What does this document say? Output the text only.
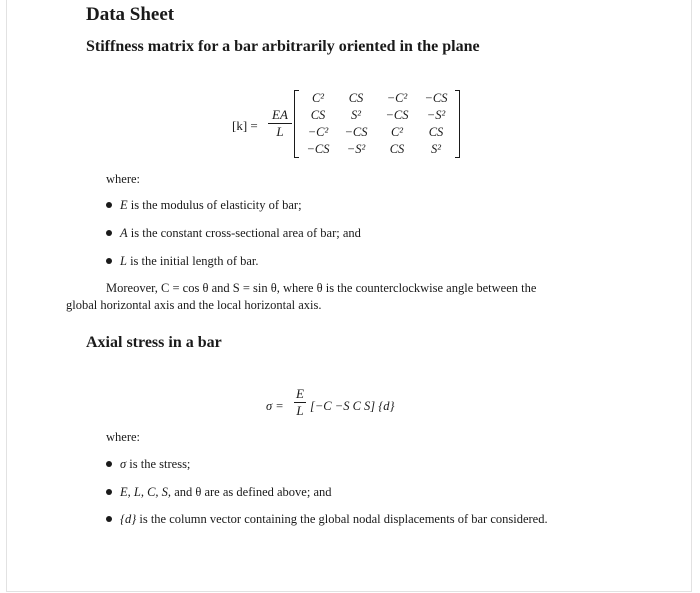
Data Sheet
Stiffness matrix for a bar arbitrarily oriented in the plane
[k] =
EA
L
C²	CS	−C²	−CS
CS	S²	−CS	−S²
−C²	−CS	C²	CS
−CS	−S²	CS	S²
where:
E is the modulus of elasticity of bar;
A is the constant cross-sectional area of bar; and
L is the initial length of bar.
Moreover, C = cos θ and S = sin θ, where θ is the counterclockwise angle between the
global horizontal axis and the local horizontal axis.
Axial stress in a bar
σ =
E
L [−C −S C S] {d}
where:
σ is the stress;
E, L, C, S, and θ are as defined above; and
{d} is the column vector containing the global nodal displacements of bar considered.
